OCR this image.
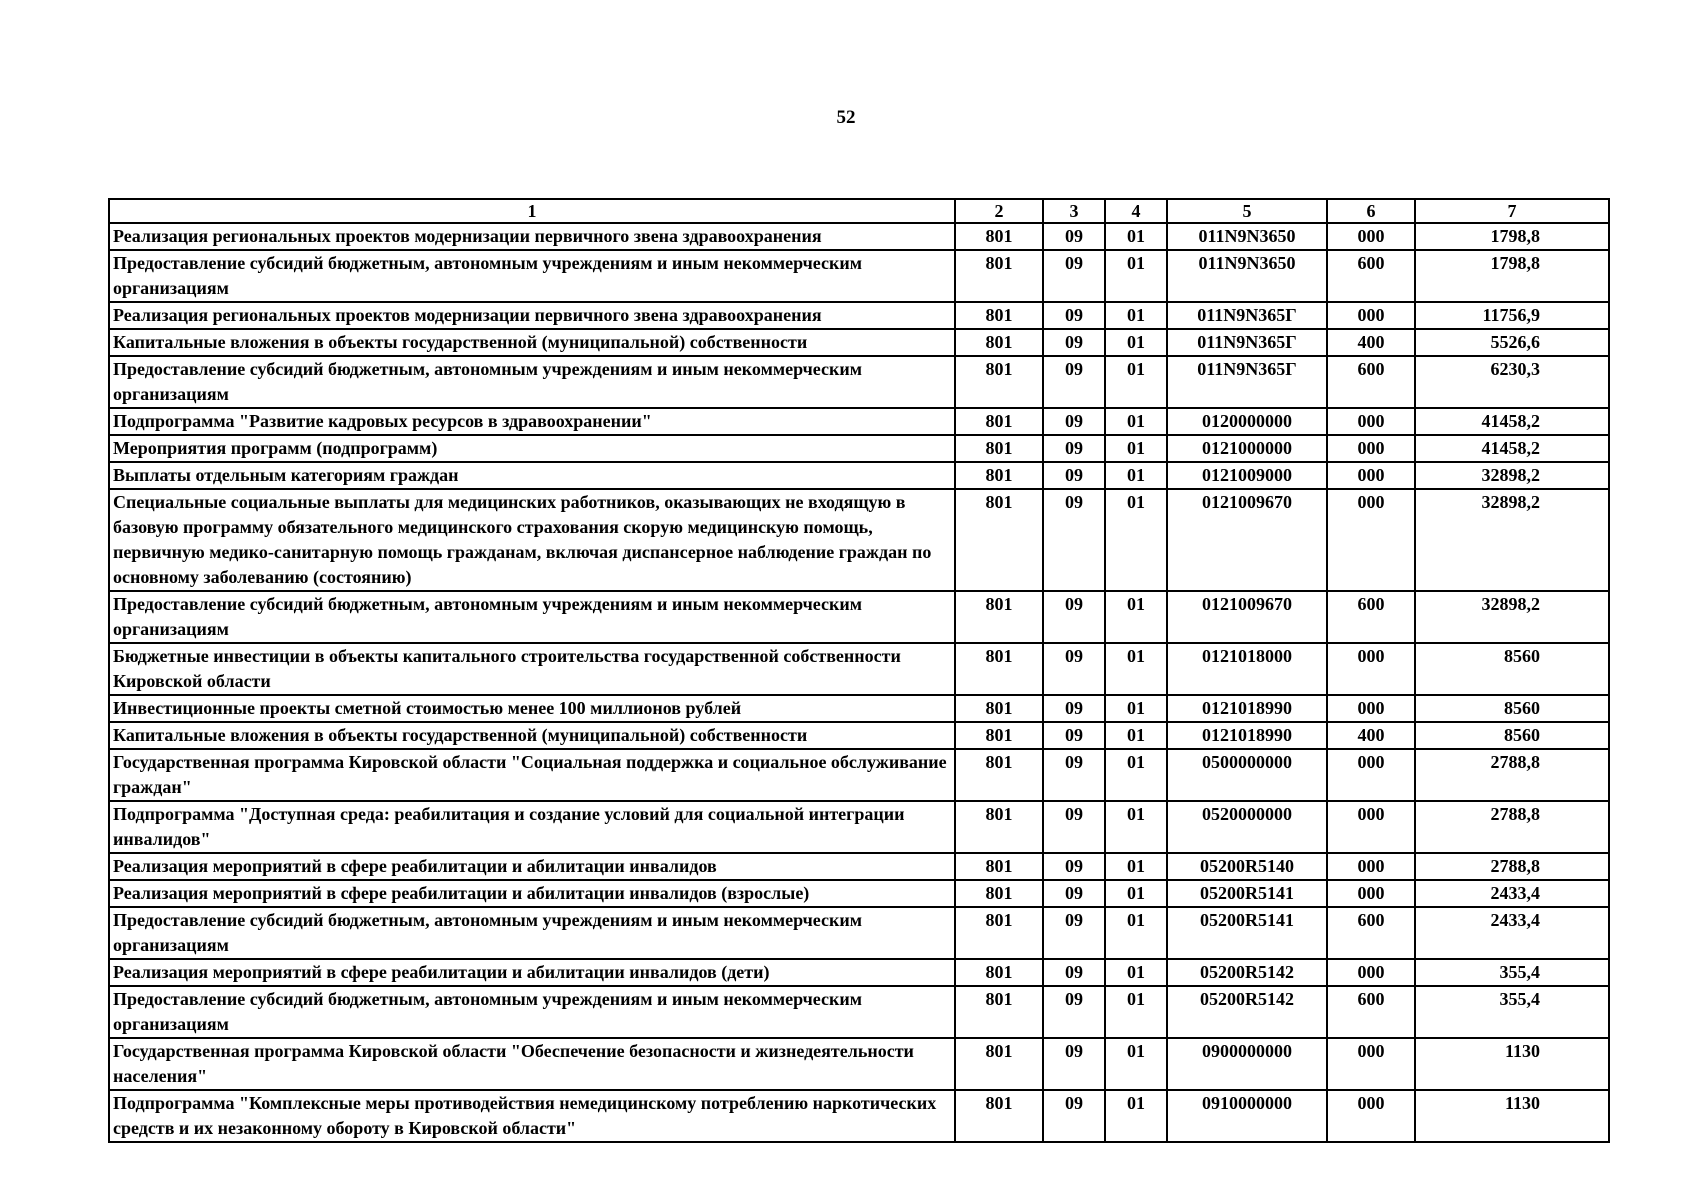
52
1	2	3	4	5	6	7
Реализация региональных проектов модернизации первичного звена здравоохранения	801	09	01	011N9N3650	000	1798,8
Предоставление субсидий бюджетным, автономным учреждениям и иным некоммерческим организациям	801	09	01	011N9N3650	600	1798,8
Реализация региональных проектов модернизации первичного звена здравоохранения	801	09	01	011N9N365Г	000	11756,9
Капитальные вложения в объекты государственной (муниципальной) собственности	801	09	01	011N9N365Г	400	5526,6
Предоставление субсидий бюджетным, автономным учреждениям и иным некоммерческим организациям	801	09	01	011N9N365Г	600	6230,3
Подпрограмма "Развитие кадровых ресурсов в здравоохранении"	801	09	01	0120000000	000	41458,2
Мероприятия программ (подпрограмм)	801	09	01	0121000000	000	41458,2
Выплаты отдельным категориям граждан	801	09	01	0121009000	000	32898,2
Специальные социальные выплаты для медицинских работников, оказывающих не входящую в базовую программу обязательного медицинского страхования скорую медицинскую помощь, первичную медико-санитарную помощь гражданам, включая диспансерное наблюдение граждан по основному заболеванию (состоянию)	801	09	01	0121009670	000	32898,2
Предоставление субсидий бюджетным, автономным учреждениям и иным некоммерческим организациям	801	09	01	0121009670	600	32898,2
Бюджетные инвестиции в объекты капитального строительства государственной собственности Кировской области	801	09	01	0121018000	000	8560
Инвестиционные проекты сметной стоимостью менее 100 миллионов рублей	801	09	01	0121018990	000	8560
Капитальные вложения в объекты государственной (муниципальной) собственности	801	09	01	0121018990	400	8560
Государственная программа Кировской области "Социальная поддержка и социальное обслуживание граждан"	801	09	01	0500000000	000	2788,8
Подпрограмма "Доступная среда: реабилитация и создание условий для социальной интеграции инвалидов"	801	09	01	0520000000	000	2788,8
Реализация мероприятий в сфере реабилитации и абилитации инвалидов	801	09	01	05200R5140	000	2788,8
Реализация мероприятий в сфере реабилитации и абилитации инвалидов (взрослые)	801	09	01	05200R5141	000	2433,4
Предоставление субсидий бюджетным, автономным учреждениям и иным некоммерческим организациям	801	09	01	05200R5141	600	2433,4
Реализация мероприятий в сфере реабилитации и абилитации инвалидов (дети)	801	09	01	05200R5142	000	355,4
Предоставление субсидий бюджетным, автономным учреждениям и иным некоммерческим организациям	801	09	01	05200R5142	600	355,4
Государственная программа Кировской области "Обеспечение безопасности и жизнедеятельности населения"	801	09	01	0900000000	000	1130
Подпрограмма "Комплексные меры противодействия немедицинскому потреблению наркотических средств и их незаконному обороту в Кировской области"	801	09	01	0910000000	000	1130
